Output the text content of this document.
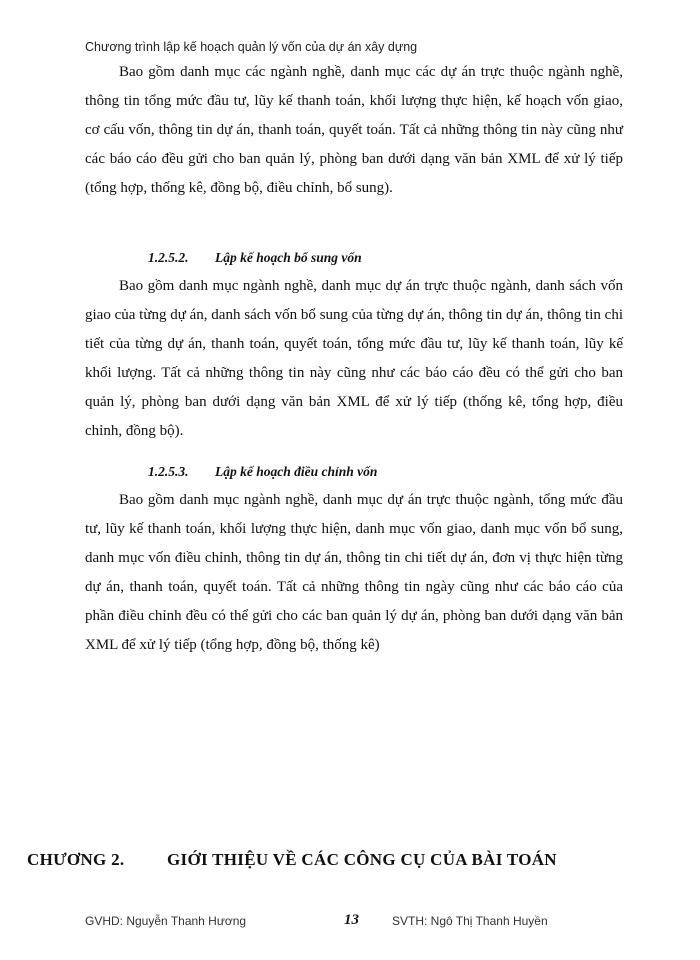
Chương trình lập kế hoạch quản lý vốn của dự án xây dựng

Bao gồm danh mục các ngành nghề, danh mục các dự án trực thuộc ngành nghề, thông tin tổng mức đầu tư, lũy kế thanh toán, khối lượng thực hiện, kế hoạch vốn giao, cơ cấu vốn, thông tin dự án, thanh toán, quyết toán. Tất cả những thông tin này cũng như các báo cáo đều gửi cho ban quản lý, phòng ban dưới dạng văn bản XML để xử lý tiếp (tổng hợp, thống kê, đồng bộ, điều chỉnh, bổ sung).

1.2.5.2. Lập kế hoạch bổ sung vốn

Bao gồm danh mục ngành nghề, danh mục dự án trực thuộc ngành, danh sách vốn giao của từng dự án, danh sách vốn bổ sung của từng dự án, thông tin dự án, thông tin chi tiết của từng dự án, thanh toán, quyết toán, tổng mức đầu tư, lũy kế thanh toán, lũy kế khối lượng. Tất cả những thông tin này cũng như các báo cáo đều có thể gửi cho ban quản lý, phòng ban dưới dạng văn bản XML để xử lý tiếp (thống kê, tổng hợp, điều chỉnh, đồng bộ).

1.2.5.3. Lập kế hoạch điều chỉnh vốn

Bao gồm danh mục ngành nghề, danh mục dự án trực thuộc ngành, tổng mức đầu tư, lũy kế thanh toán, khối lượng thực hiện, danh mục vốn giao, danh mục vốn bổ sung, danh mục vốn điều chỉnh, thông tin dự án, thông tin chi tiết dự án, đơn vị thực hiện từng dự án, thanh toán, quyết toán. Tất cả những thông tin ngày cũng như các báo cáo của phần điều chỉnh đều có thể gửi cho các ban quản lý dự án, phòng ban dưới dạng văn bản XML để xử lý tiếp (tổng hợp, đồng bộ, thống kê)

CHƯƠNG 2.	GIỚI THIỆU VỀ CÁC CÔNG CỤ CỦA BÀI TOÁN
GVHD: Nguyễn Thanh Hương	13	SVTH: Ngô Thị Thanh Huyền
